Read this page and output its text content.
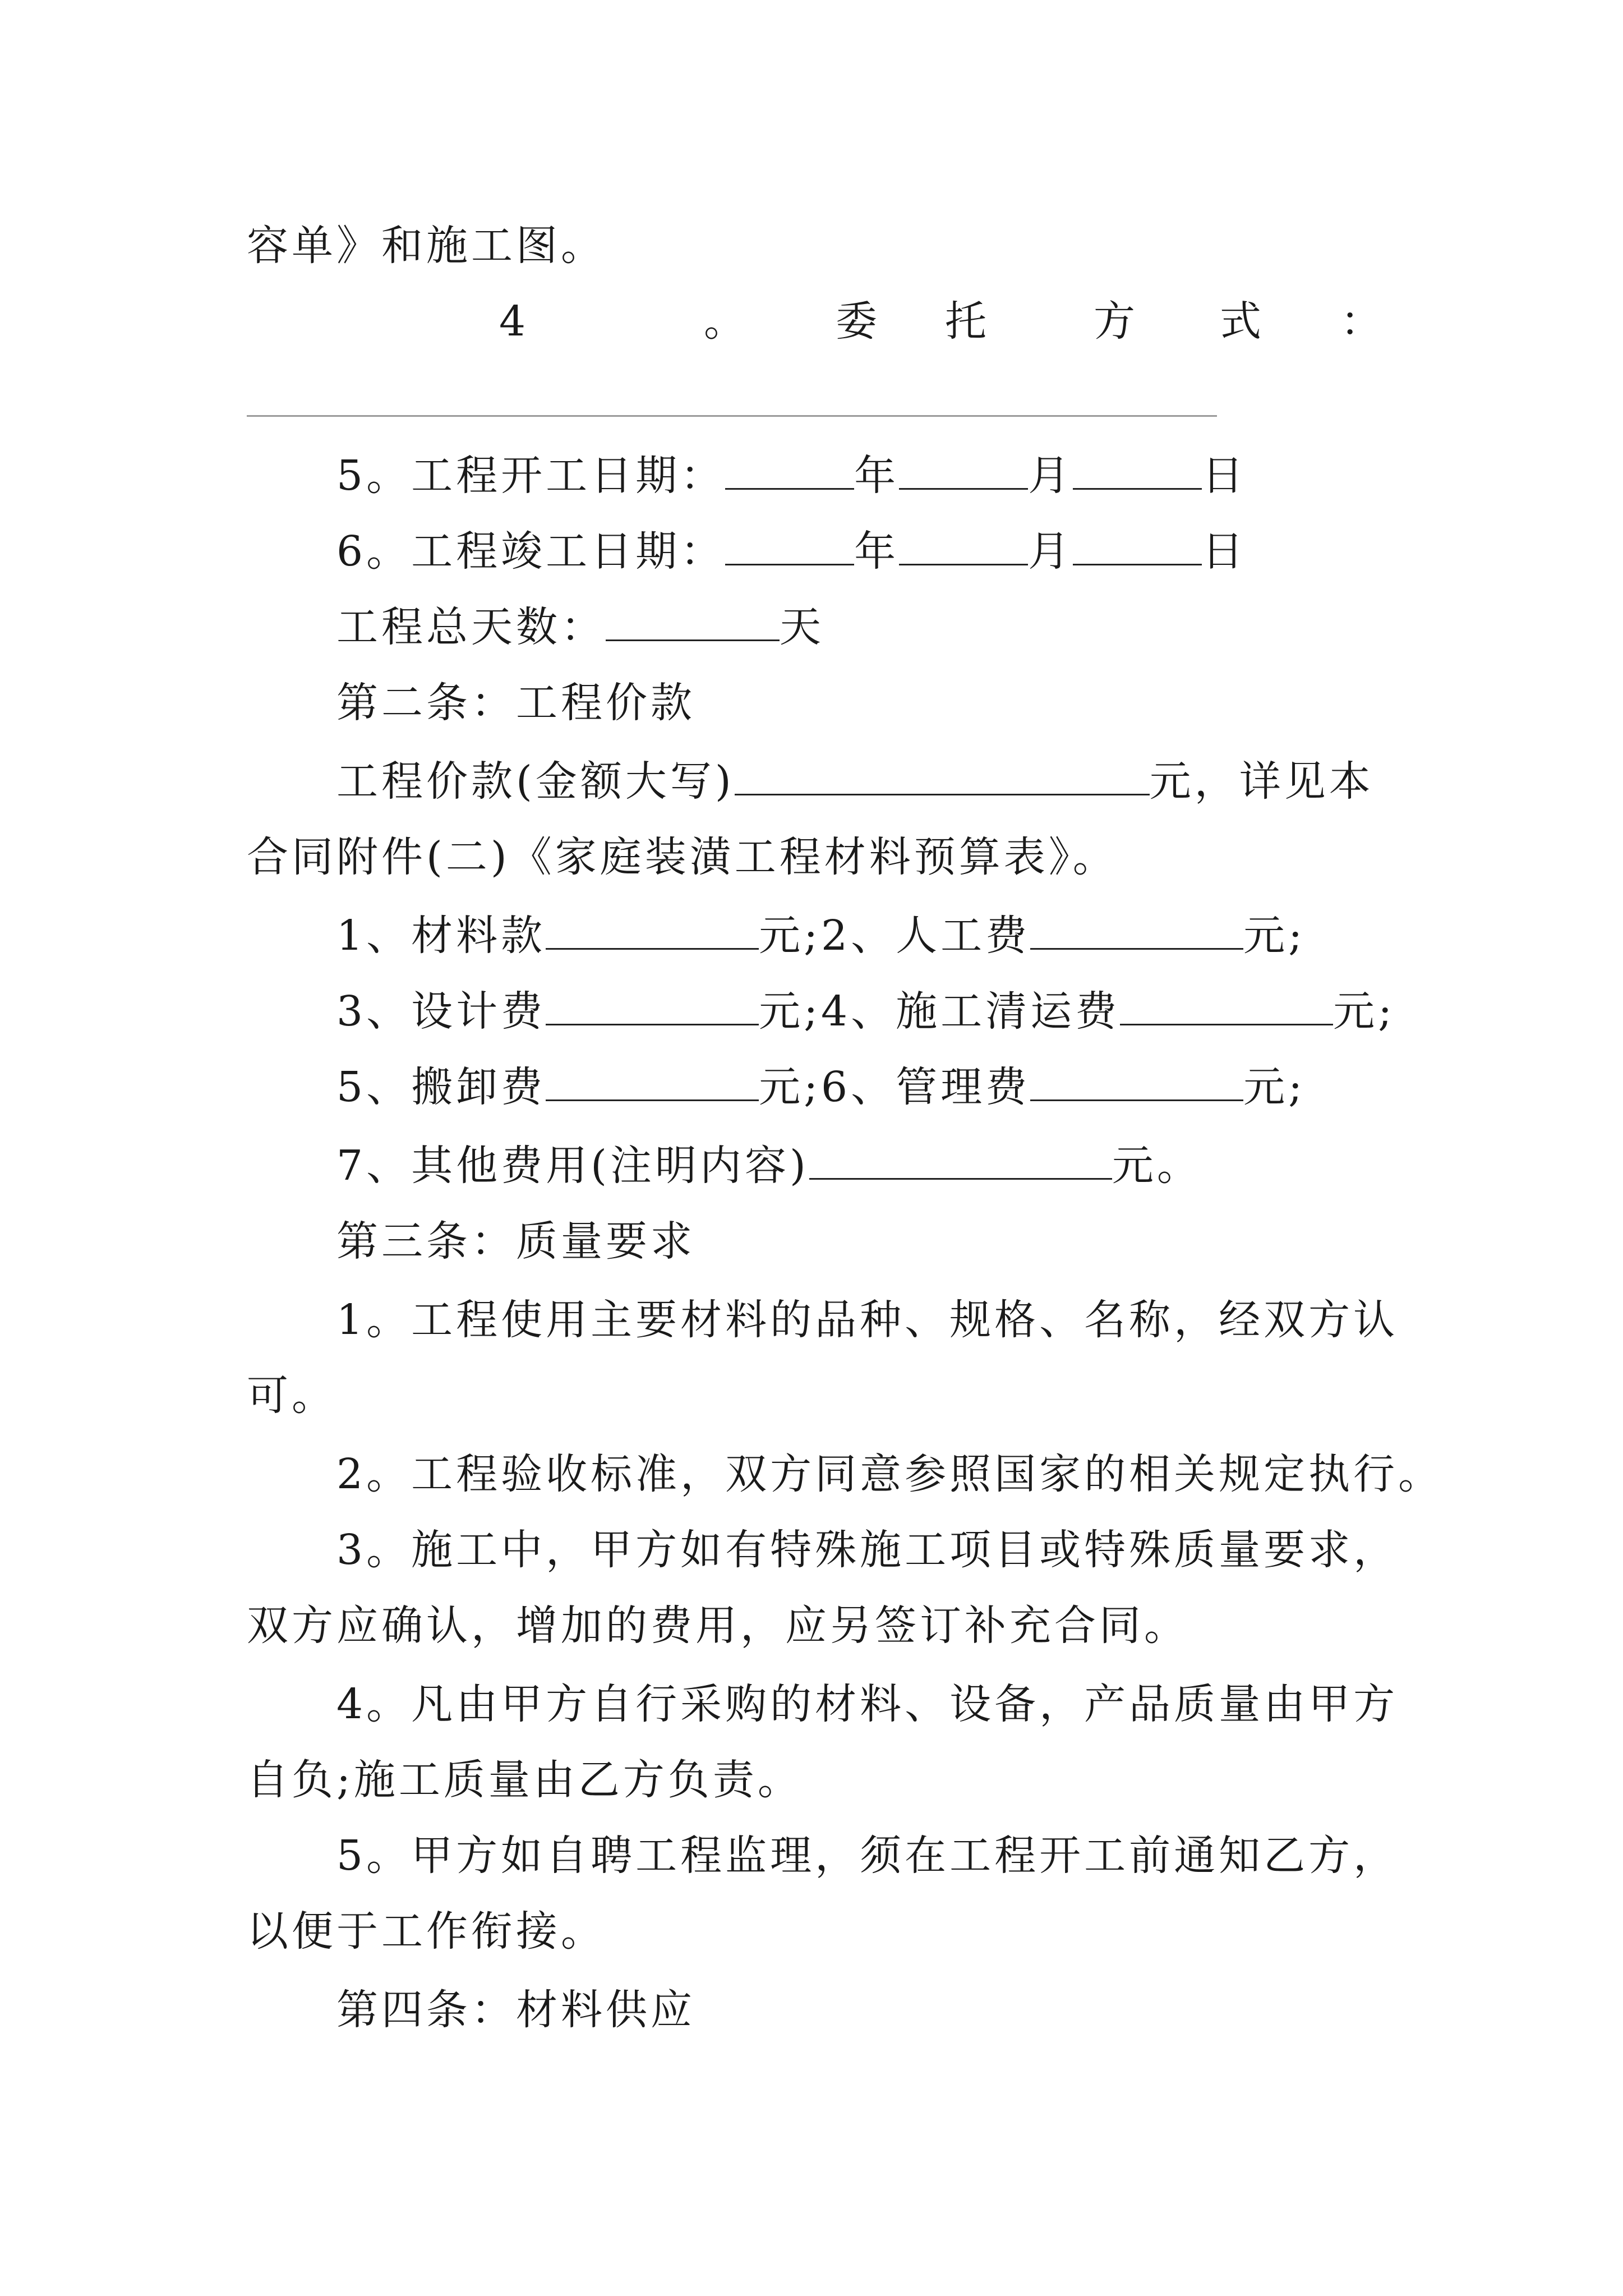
容单》和施工图。
4	。 委 托	方 式 ：
5。工程开工日期：	年	月	日
6。工程竣工日期：	年	月	日
工程总天数：	天
第二条：工程价款
工程价款(金额大写)	元，详见本
合同附件(二)《家庭装潢工程材料预算表》。
1、材料款	元;2、人工费	元;
3、设计费	元;4、施工清运费	元;
5、搬卸费	元;6、管理费	元;
7、其他费用(注明内容)	元。
第三条：质量要求
1。工程使用主要材料的品种、规格、名称，经双方认
可。
2。工程验收标准，双方同意参照国家的相关规定执行。
3。施工中，甲方如有特殊施工项目或特殊质量要求，
双方应确认，增加的费用，应另签订补充合同。
4。凡由甲方自行采购的材料、设备，产品质量由甲方
自负;施工质量由乙方负责。
5。甲方如自聘工程监理，须在工程开工前通知乙方，
以便于工作衔接。
第四条：材料供应
